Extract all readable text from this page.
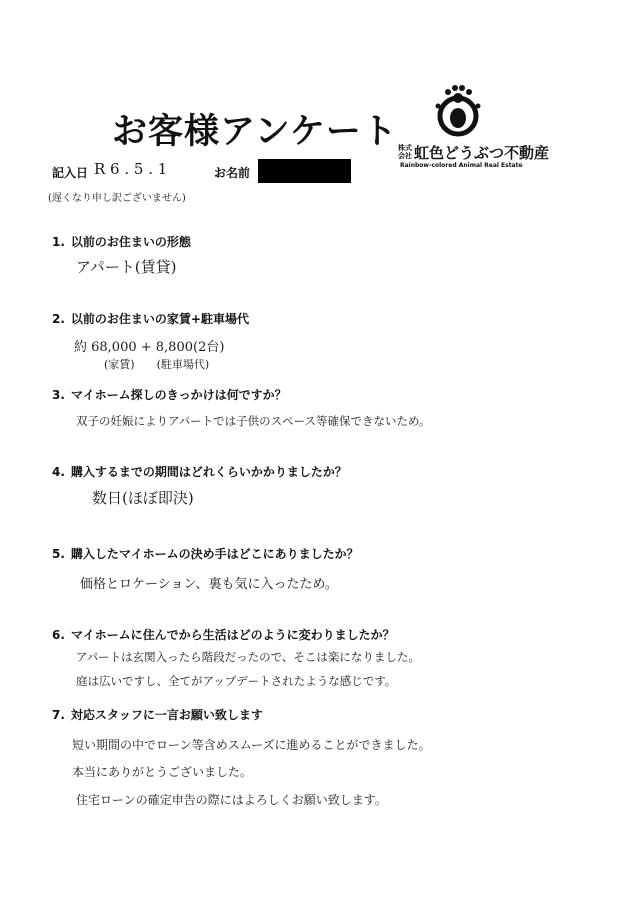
お客様アンケート 株式会社 虹色どうぶつ不動産
Rainbow-colored Animal Real Estate
記入日 R 6 . 5 . 1	お名前
(遅くなり申し訳ございません)
1. 以前のお住まいの形態
アパート(賃貸)
2. 以前のお住まいの家賃+駐車場代
約 68,000 + 8,800(2台)
(家賃)　　(駐車場代)
3. マイホーム探しのきっかけは何ですか？
双子の妊娠によりアパートでは子供のスペース等確保できないため。
4. 購入するまでの期間はどれくらいかかりましたか？
数日(ほぼ即決)
5. 購入したマイホームの決め手はどこにありましたか？
価格とロケーション、裏も気に入ったため。
6. マイホームに住んでから生活はどのように変わりましたか？
アパートは玄関入ったら階段だったので、そこは楽になりました。
庭は広いですし、全てがアップデートされたような感じです。
7. 対応スタッフに一言お願い致します
短い期間の中でローン等含めスムーズに進めることができました。
本当にありがとうございました。
住宅ローンの確定申告の際にはよろしくお願い致します。
